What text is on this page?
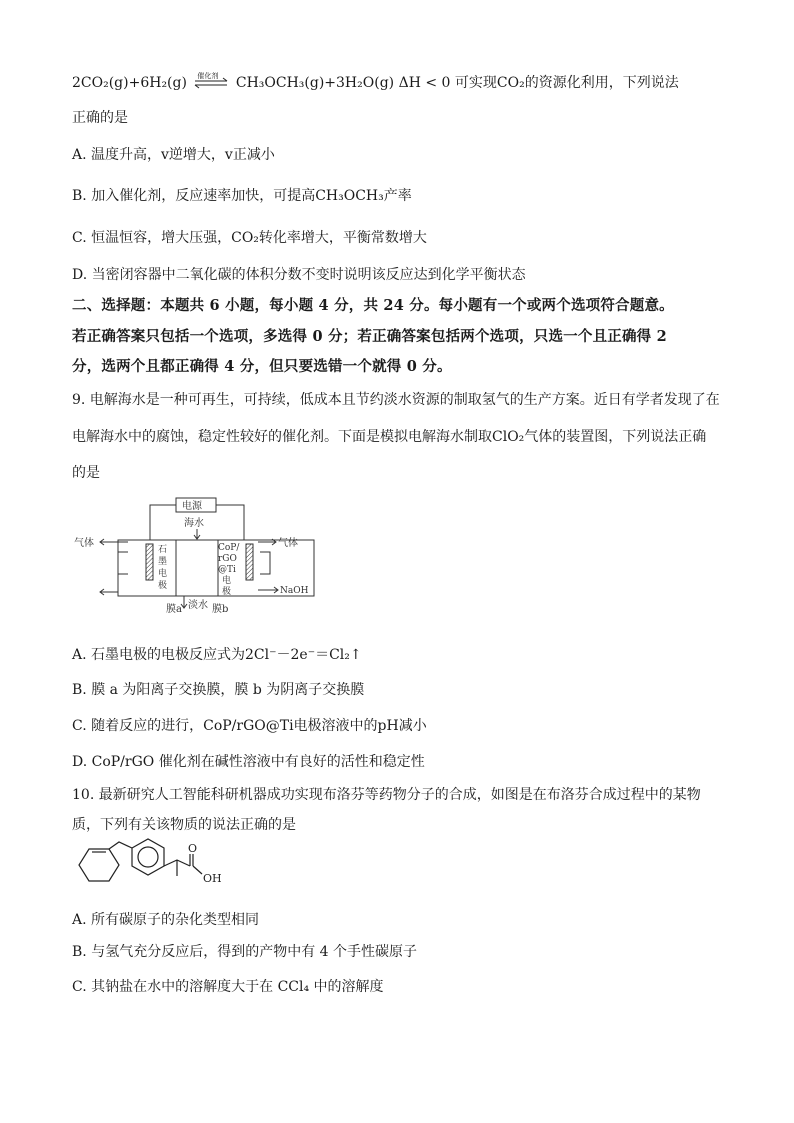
2CO₂(g)+6H₂(g) 催化剂 CH₃OCH₃(g)+3H₂O(g) ΔH < 0 可实现CO₂的资源化利用，下列说法
正确的是
A. 温度升高，v逆增大，v正减小
B. 加入催化剂，反应速率加快，可提高CH₃OCH₃产率
C. 恒温恒容，增大压强，CO₂转化率增大，平衡常数增大
D. 当密闭容器中二氧化碳的体积分数不变时说明该反应达到化学平衡状态
二、选择题：本题共 6 小题，每小题 4 分，共 24 分。每小题有一个或两个选项符合题意。
若正确答案只包括一个选项，多选得 0 分；若正确答案包括两个选项，只选一个且正确得 2
分，选两个且都正确得 4 分，但只要选错一个就得 0 分。
9. 电解海水是一种可再生，可持续，低成本且节约淡水资源的制取氢气的生产方案。近日有学者发现了在
电解海水中的腐蚀，稳定性较好的催化剂。下面是模拟电解海水制取ClO₂气体的装置图，下列说法正确
的是
电源
海水
石
墨
电
极
CoP/
rGO
@Ti
电
极
气体	气体
NaOH
膜a 淡水 膜b
A. 石墨电极的电极反应式为2Cl⁻－2e⁻＝Cl₂↑
B. 膜 a 为阳离子交换膜，膜 b 为阴离子交换膜
C. 随着反应的进行，CoP/rGO@Ti电极溶液中的pH减小
D. CoP/rGO 催化剂在碱性溶液中有良好的活性和稳定性
10. 最新研究人工智能科研机器成功实现布洛芬等药物分子的合成，如图是在布洛芬合成过程中的某物
质，下列有关该物质的说法正确的是
O
OH
A. 所有碳原子的杂化类型相同
B. 与氢气充分反应后，得到的产物中有 4 个手性碳原子
C. 其钠盐在水中的溶解度大于在 CCl₄ 中的溶解度
